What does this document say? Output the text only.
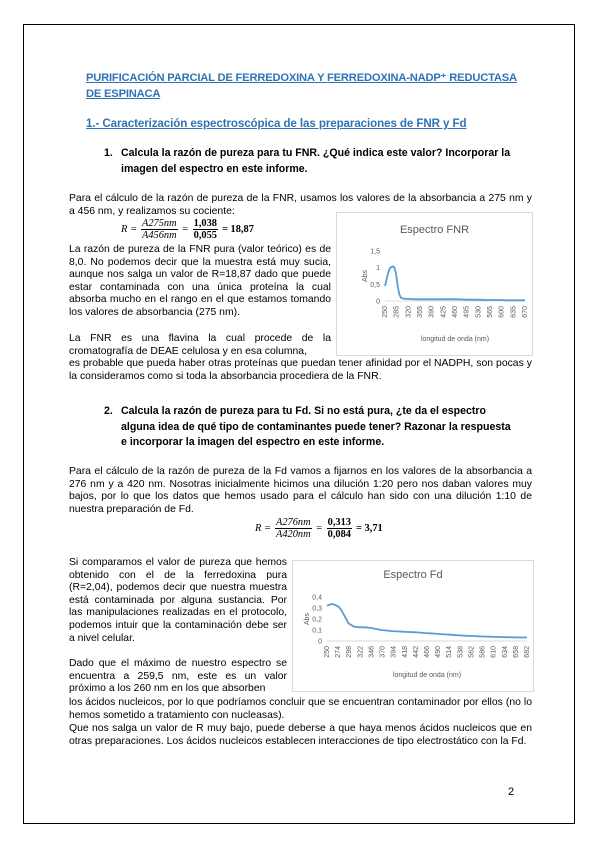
PURIFICACIÓN PARCIAL DE FERREDOXINA Y FERREDOXINA-NADP⁺ REDUCTASA DE ESPINACA
1.- Caracterización espectroscópica de las preparaciones de FNR y Fd
1. Calcula la razón de pureza para tu FNR. ¿Qué indica este valor? Incorporar la imagen del espectro en este informe.
Para el cálculo de la razón de pureza de la FNR, usamos los valores de la absorbancia a 275 nm y a 456 nm, y realizamos su cociente:
$R = \frac{A275nm}{A456nm} = \frac{1,038}{0,055} = 18,87$
La razón de pureza de la FNR pura (valor teórico) es de 8,0. No podemos decir que la muestra está muy sucia, aunque nos salga un valor de R=18,87 dado que puede estar contaminada con una única proteína la cual absorba mucho en el rango en el que estamos tomando los valores de absorbancia (275 nm).
La FNR es una flavina la cual procede de la cromatografía de DEAE celulosa y en esa columna,
es probable que pueda haber otras proteínas que puedan tener afinidad por el NADPH, son pocas y la consideramos como si toda la absorbancia procediera de la FNR.
Espectro FNR
0
0,5
1
1,5
Abs
250 285 320 355 390 425 460 495 530 565 600 635 670
longitud de onda (nm)
2. Calcula la razón de pureza para tu Fd. Si no está pura, ¿te da el espectro alguna idea de qué tipo de contaminantes puede tener? Razonar la respuesta e incorporar la imagen del espectro en este informe.
Para el cálculo de la razón de pureza de la Fd vamos a fijarnos en los valores de la absorbancia a 276 nm y a 420 nm. Nosotras inicialmente hicimos una dilución 1:20 pero nos daban valores muy bajos, por lo que los datos que hemos usado para el cálculo han sido con una dilución 1:10 de nuestra preparación de Fd.
$R = \frac{A276nm}{A420nm} = \frac{0,313}{0,084} = 3,71$
Si comparamos el valor de pureza que hemos obtenido con el de la ferredoxina pura (R=2,04), podemos decir que nuestra muestra está contaminada por alguna sustancia. Por las manipulaciones realizadas en el protocolo, podemos intuir que la contaminación debe ser a nivel celular.
Dado que el máximo de nuestro espectro se encuentra a 259,5 nm, este es un valor próximo a los 260 nm en los que absorben
los ácidos nucleicos, por lo que podríamos concluir que se encuentran contaminador por ellos (no lo hemos sometido a tratamiento con nucleasas).
Que nos salga un valor de R muy bajo, puede deberse a que haya menos ácidos nucleicos que en otras preparaciones. Los ácidos nucleicos establecen interacciones de tipo electrostático con la Fd.
Espectro Fd
0
0,1
0,2
0,3
0,4
Abs
250 274 298 322 346 370 394 418 442 466 490 514 538 562 586 610 634 658 682
longitud de onda (nm)
2
